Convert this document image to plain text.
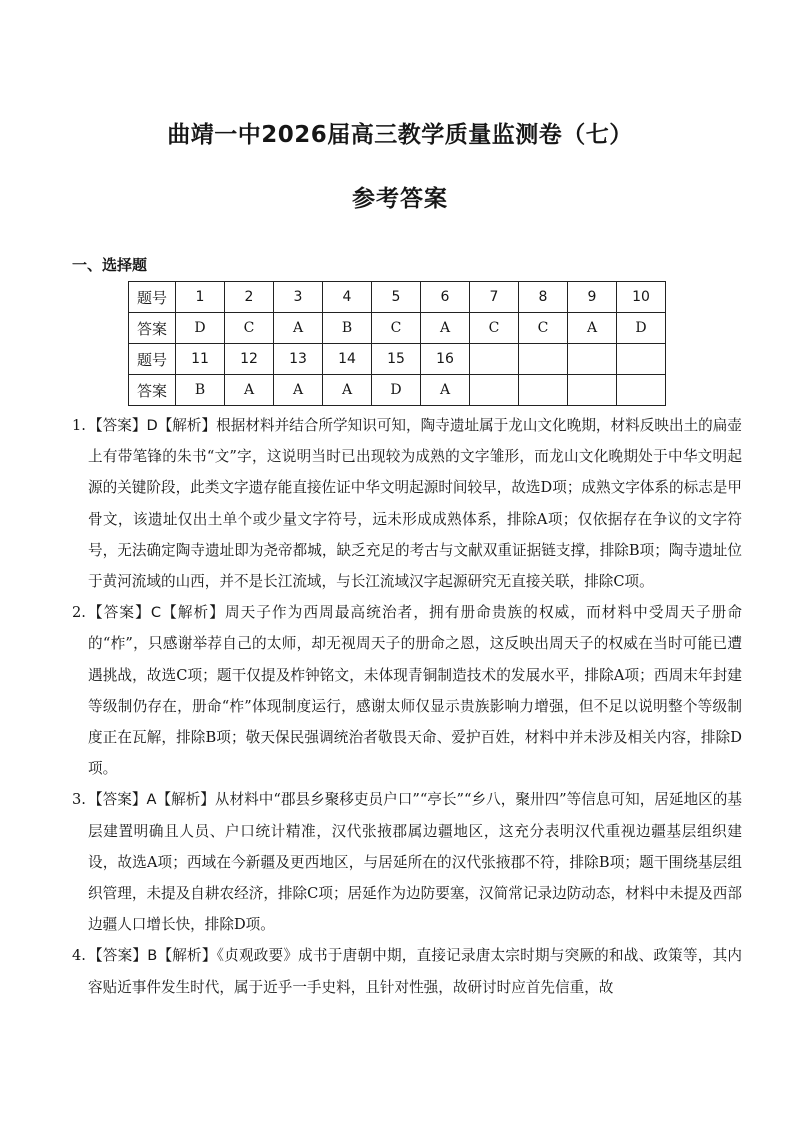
曲靖一中2026届高三教学质量监测卷（七）
参考答案
一、选择题
题号	1	2	3	4	5	6	7	8	9	10
答案	D	C	A	B	C	A	C	C	A	D
题号	11	12	13	14	15	16				
答案	B	A	A	A	D	A				
1. 【答案】D【解析】根据材料并结合所学知识可知，陶寺遗址属于龙山文化晚期，材料反映出土的扁壶上有带笔锋的朱书“文”字，这说明当时已出现较为成熟的文字雏形，而龙山文化晚期处于中华文明起源的关键阶段，此类文字遗存能直接佐证中华文明起源时间较早，故选D项；成熟文字体系的标志是甲骨文，该遗址仅出土单个或少量文字符号，远未形成成熟体系，排除A项；仅依据存在争议的文字符号，无法确定陶寺遗址即为尧帝都城，缺乏充足的考古与文献双重证据链支撑，排除B项；陶寺遗址位于黄河流域的山西，并不是长江流域，与长江流域汉字起源研究无直接关联，排除C项。
2. 【答案】C【解析】周天子作为西周最高统治者，拥有册命贵族的权威，而材料中受周天子册命的“柞”，只感谢举荐自己的太师，却无视周天子的册命之恩，这反映出周天子的权威在当时可能已遭遇挑战，故选C项；题干仅提及柞钟铭文，未体现青铜制造技术的发展水平，排除A项；西周末年封建等级制仍存在，册命“柞”体现制度运行，感谢太师仅显示贵族影响力增强，但不足以说明整个等级制度正在瓦解，排除B项；敬天保民强调统治者敬畏天命、爱护百姓，材料中并未涉及相关内容，排除D项。
3. 【答案】A【解析】从材料中“郡县乡聚移吏员户口”“亭长”“乡八，聚卅四”等信息可知，居延地区的基层建置明确且人员、户口统计精准，汉代张掖郡属边疆地区，这充分表明汉代重视边疆基层组织建设，故选A项；西域在今新疆及更西地区，与居延所在的汉代张掖郡不符，排除B项；题干围绕基层组织管理，未提及自耕农经济，排除C项；居延作为边防要塞，汉简常记录边防动态，材料中未提及西部边疆人口增长快，排除D项。
4. 【答案】B【解析】《贞观政要》成书于唐朝中期，直接记录唐太宗时期与突厥的和战、政策等，其内容贴近事件发生时代，属于近乎一手史料，且针对性强，故研讨时应首先信重，故
